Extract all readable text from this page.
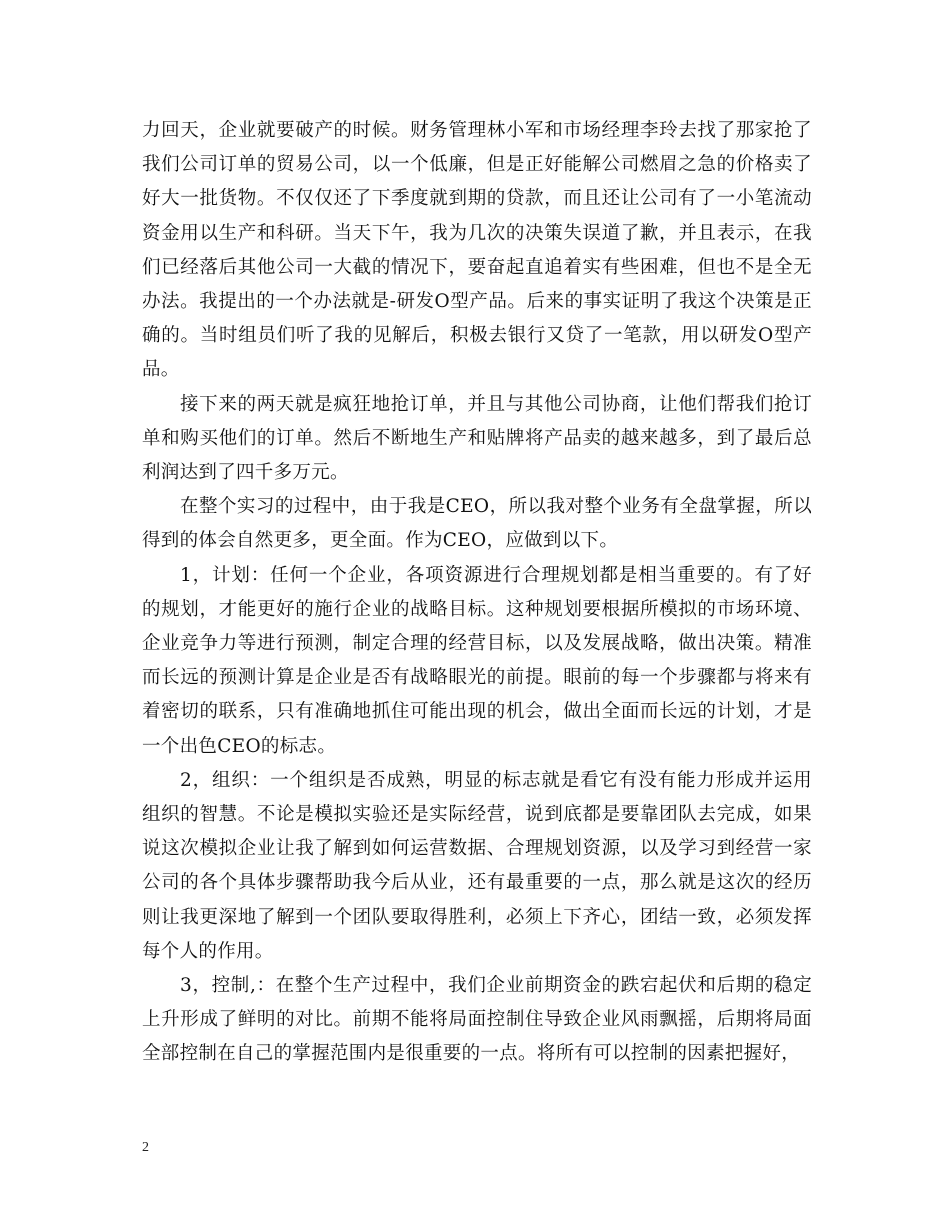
力回天，企业就要破产的时候。财务管理林小军和市场经理李玲去找了那家抢了我们公司订单的贸易公司，以一个低廉，但是正好能解公司燃眉之急的价格卖了好大一批货物。不仅仅还了下季度就到期的贷款，而且还让公司有了一小笔流动资金用以生产和科研。当天下午，我为几次的决策失误道了歉，并且表示，在我们已经落后其他公司一大截的情况下，要奋起直追着实有些困难，但也不是全无办法。我提出的一个办法就是-研发O型产品。后来的事实证明了我这个决策是正确的。当时组员们听了我的见解后，积极去银行又贷了一笔款，用以研发O型产品。

接下来的两天就是疯狂地抢订单，并且与其他公司协商，让他们帮我们抢订单和购买他们的订单。然后不断地生产和贴牌将产品卖的越来越多，到了最后总利润达到了四千多万元。

在整个实习的过程中，由于我是CEO，所以我对整个业务有全盘掌握，所以得到的体会自然更多，更全面。作为CEO，应做到以下。

1，计划：任何一个企业，各项资源进行合理规划都是相当重要的。有了好的规划，才能更好的施行企业的战略目标。这种规划要根据所模拟的市场环境、企业竞争力等进行预测，制定合理的经营目标，以及发展战略，做出决策。精准而长远的预测计算是企业是否有战略眼光的前提。眼前的每一个步骤都与将来有着密切的联系，只有准确地抓住可能出现的机会，做出全面而长远的计划，才是一个出色CEO的标志。

2，组织：一个组织是否成熟，明显的标志就是看它有没有能力形成并运用组织的智慧。不论是模拟实验还是实际经营，说到底都是要靠团队去完成，如果说这次模拟企业让我了解到如何运营数据、合理规划资源，以及学习到经营一家公司的各个具体步骤帮助我今后从业，还有最重要的一点，那么就是这次的经历则让我更深地了解到一个团队要取得胜利，必须上下齐心，团结一致，必须发挥每个人的作用。

3，控制,：在整个生产过程中，我们企业前期资金的跌宕起伏和后期的稳定上升形成了鲜明的对比。前期不能将局面控制住导致企业风雨飘摇，后期将局面全部控制在自己的掌握范围内是很重要的一点。将所有可以控制的因素把握好，

2
